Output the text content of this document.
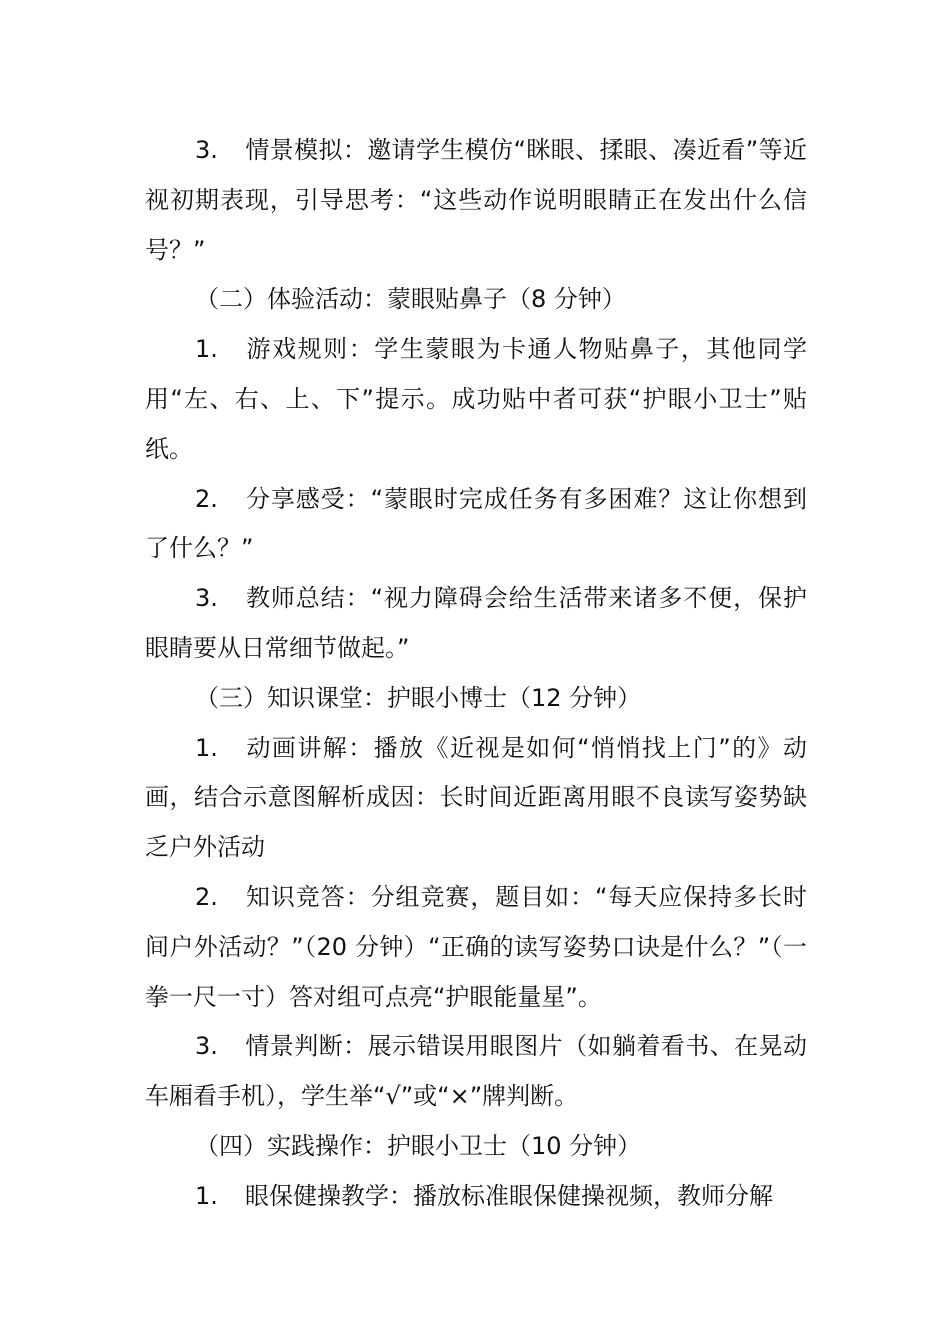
3. 情景模拟：邀请学生模仿“眯眼、揉眼、凑近看”等近视初期表现，引导思考：“这些动作说明眼睛正在发出什么信号？”

（二）体验活动：蒙眼贴鼻子（8 分钟）

1. 游戏规则：学生蒙眼为卡通人物贴鼻子，其他同学用“左、右、上、下”提示。成功贴中者可获“护眼小卫士”贴纸。

2. 分享感受：“蒙眼时完成任务有多困难？这让你想到了什么？”

3. 教师总结：“视力障碍会给生活带来诸多不便，保护眼睛要从日常细节做起。”

（三）知识课堂：护眼小博士（12 分钟）

1. 动画讲解：播放《近视是如何“悄悄找上门”的》动画，结合示意图解析成因：长时间近距离用眼不良读写姿势缺乏户外活动

2. 知识竞答：分组竞赛，题目如：“每天应保持多长时间户外活动？”（20 分钟）“正确的读写姿势口诀是什么？”（一拳一尺一寸）答对组可点亮“护眼能量星”。

3. 情景判断：展示错误用眼图片（如躺着看书、在晃动车厢看手机），学生举“√”或“×”牌判断。

（四）实践操作：护眼小卫士（10 分钟）

1. 眼保健操教学：播放标准眼保健操视频，教师分解
